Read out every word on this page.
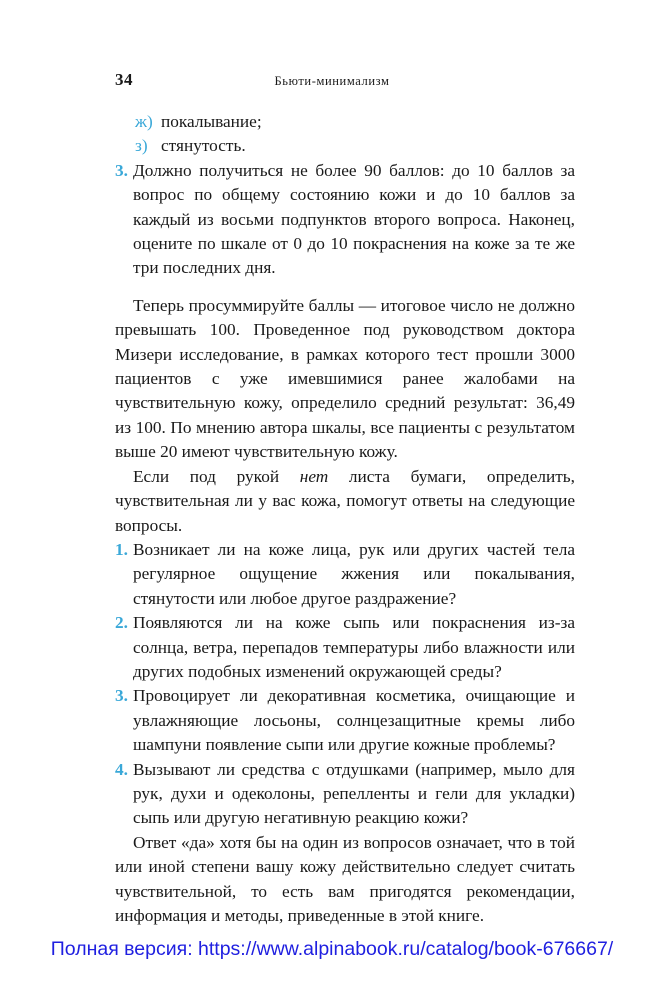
34	Бьюти-минимализм
ж) покалывание;
з) стянутость.
3. Должно получиться не более 90 баллов: до 10 баллов за вопрос по общему состоянию кожи и до 10 баллов за каждый из восьми подпунктов второго вопроса. Наконец, оцените по шкале от 0 до 10 покраснения на коже за те же три последних дня.

Теперь просуммируйте баллы — итоговое число не должно превышать 100. Проведенное под руководством доктора Мизери исследование, в рамках которого тест прошли 3000 пациентов с уже имевшимися ранее жалобами на чувствительную кожу, определило средний результат: 36,49 из 100. По мнению автора шкалы, все пациенты с результатом выше 20 имеют чувствительную кожу.

Если под рукой нет листа бумаги, определить, чувствительная ли у вас кожа, помогут ответы на следующие вопросы.

1. Возникает ли на коже лица, рук или других частей тела регулярное ощущение жжения или покалывания, стянутости или любое другое раздражение?
2. Появляются ли на коже сыпь или покраснения из-за солнца, ветра, перепадов температуры либо влажности или других подобных изменений окружающей среды?
3. Провоцирует ли декоративная косметика, очищающие и увлажняющие лосьоны, солнцезащитные кремы либо шампуни появление сыпи или другие кожные проблемы?
4. Вызывают ли средства с отдушками (например, мыло для рук, духи и одеколоны, репелленты и гели для укладки) сыпь или другую негативную реакцию кожи?

Ответ «да» хотя бы на один из вопросов означает, что в той или иной степени вашу кожу действительно следует считать чувствительной, то есть вам пригодятся рекомендации, информация и методы, приведенные в этой книге.

Полная версия: https://www.alpinabook.ru/catalog/book-676667/
